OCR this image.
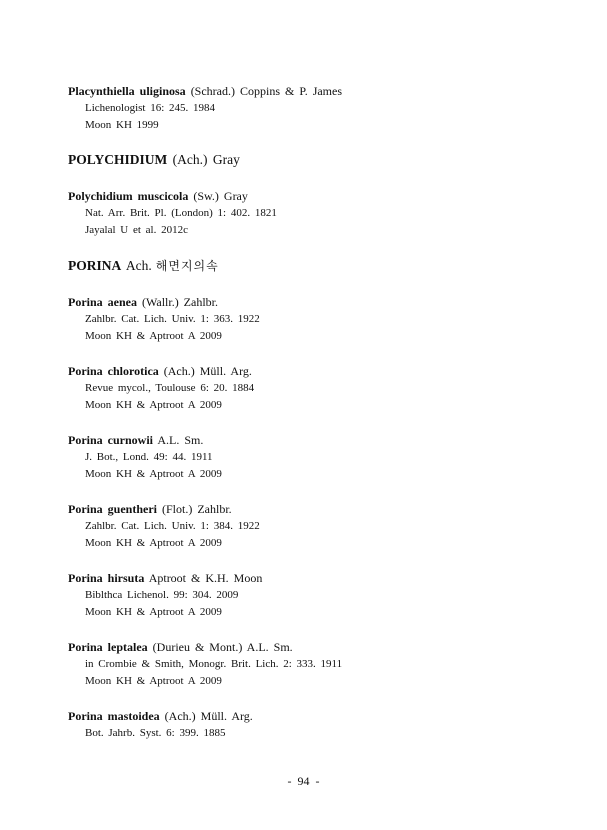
Placynthiella uliginosa (Schrad.) Coppins & P. James
Lichenologist 16: 245. 1984
Moon KH 1999
POLYCHIDIUM (Ach.) Gray
Polychidium muscicola (Sw.) Gray
Nat. Arr. Brit. Pl. (London) 1: 402. 1821
Jayalal U et al. 2012c
PORINA Ach. 해면지의속
Porina aenea (Wallr.) Zahlbr.
Zahlbr. Cat. Lich. Univ. 1: 363. 1922
Moon KH & Aptroot A 2009
Porina chlorotica (Ach.) Müll. Arg.
Revue mycol., Toulouse 6: 20. 1884
Moon KH & Aptroot A 2009
Porina curnowii A.L. Sm.
J. Bot., Lond. 49: 44. 1911
Moon KH & Aptroot A 2009
Porina guentheri (Flot.) Zahlbr.
Zahlbr. Cat. Lich. Univ. 1: 384. 1922
Moon KH & Aptroot A 2009
Porina hirsuta Aptroot & K.H. Moon
Biblthca Lichenol. 99: 304. 2009
Moon KH & Aptroot A 2009
Porina leptalea (Durieu & Mont.) A.L. Sm.
in Crombie & Smith, Monogr. Brit. Lich. 2: 333. 1911
Moon KH & Aptroot A 2009
Porina mastoidea (Ach.) Müll. Arg.
Bot. Jahrb. Syst. 6: 399. 1885
- 94 -
